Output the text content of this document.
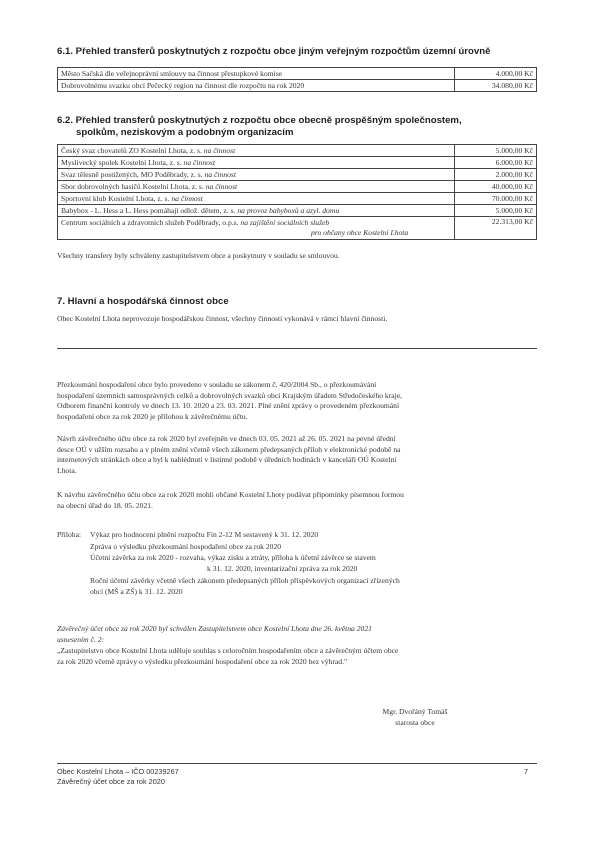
6.1. Přehled transferů poskytnutých z rozpočtu obce jiným veřejným rozpočtům územní úrovně
Město Sačská dle veřejnoprávní smlouvy na činnost přestupkové komise	4.000,00 Kč
Dobrovolnému svazku obcí Pečecký region na činnost dle rozpočtu na rok 2020	34.080,00 Kč
6.2. Přehled transferů poskytnutých z rozpočtu obce obecně prospěšným společnostem,
spolkům, neziskovým a podobným organizacím
Český svaz chovatelů ZO Kostelní Lhota, z. s. na činnost	5.000,00 Kč
Myslivecký spolek Kostelní Lhota, z. s. na činnost	6.000,00 Kč
Svaz tělesně postižených, MO Poděbrady, z. s. na činnost	2.000,00 Kč
Sbor dobrovolných hasičů Kostelní Lhota, z. s. na činnost	40.000,00 Kč
Sportovní klub Kostelní Lhota, z. s. na činnost	70.000,00 Kč
Babybox - L. Hess a L. Hess pomáhají odlož. dětem, z. s. na provoz babyboxů a azyl. domu	5.000,00 Kč
Centrum sociálních a zdravotních služeb Poděbrady, o.p.s. na zajištění sociálních služeb
pro občany obce Kostelní Lhota	22.313,00 Kč
Všechny transfery byly schváleny zastupitelstvem obce a poskytnuty v souladu se smlouvou.
7. Hlavní a hospodářská činnost obce
Obec Kostelní Lhota neprovozuje hospodářskou činnost, všechny činnosti vykonává v rámci hlavní činnosti.
Přezkoumání hospodaření obce bylo provedeno v souladu se zákonem č. 420/2004 Sb., o přezkoumávání
hospodaření územních samosprávných celků a dobrovolných svazků obcí Krajským úřadem Středočeského kraje,
Odborem finanční kontroly ve dnech 13. 10. 2020 a 23. 03. 2021. Plné znění zprávy o provedeném přezkoumání
hospodaření obce za rok 2020 je přílohou k závěrečnému účtu.
Návrh závěrečného účtu obce za rok 2020 byl zveřejněn ve dnech 03. 05. 2021 až 26. 05. 2021 na pevné úřední
desce OÚ v užším rozsahu a v plném znění včetně všech zákonem předepsaných příloh v elektronické podobě na
internetových stránkách obce a byl k nahlédnutí v listinné podobě v úředních hodinách v kanceláři OÚ Kostelní
Lhota.
K návrhu závěrečného účtu obce za rok 2020 mohli občané Kostelní Lhoty podávat připomínky písemnou formou
na obecní úřad do 18. 05. 2021.
Příloha: Výkaz pro hodnocení plnění rozpočtu Fin 2-12 M sestavený k 31. 12. 2020
Zpráva o výsledku přezkoumání hospodaření obce za rok 2020
Účetní závěrka za rok 2020 - rozvaha, výkaz zisku a ztráty, příloha k účetní závěrce se stavem
k 31. 12. 2020, inventarizační zpráva za rok 2020
Roční účetní závěrky včetně všech zákonem předepsaných příloh příspěvkových organizací zřízených
obcí (MŠ a ZŠ) k 31. 12. 2020
Závěrečný účet obce za rok 2020 byl schválen Zastupitelstvem obce Kostelní Lhota dne 26. května 2021
usnesením č. 2:
„Zastupitelstvo obce Kostelní Lhota uděluje souhlas s celoročním hospodařením obce a závěrečným účtem obce
za rok 2020 včetně zprávy o výsledku přezkoumání hospodaření obce za rok 2020 bez výhrad."
Mgr. Dvořáný Tomáš
starosta obce
Obec Kostelní Lhota – IČO 00239267
Závěrečný účet obce za rok 2020
7
